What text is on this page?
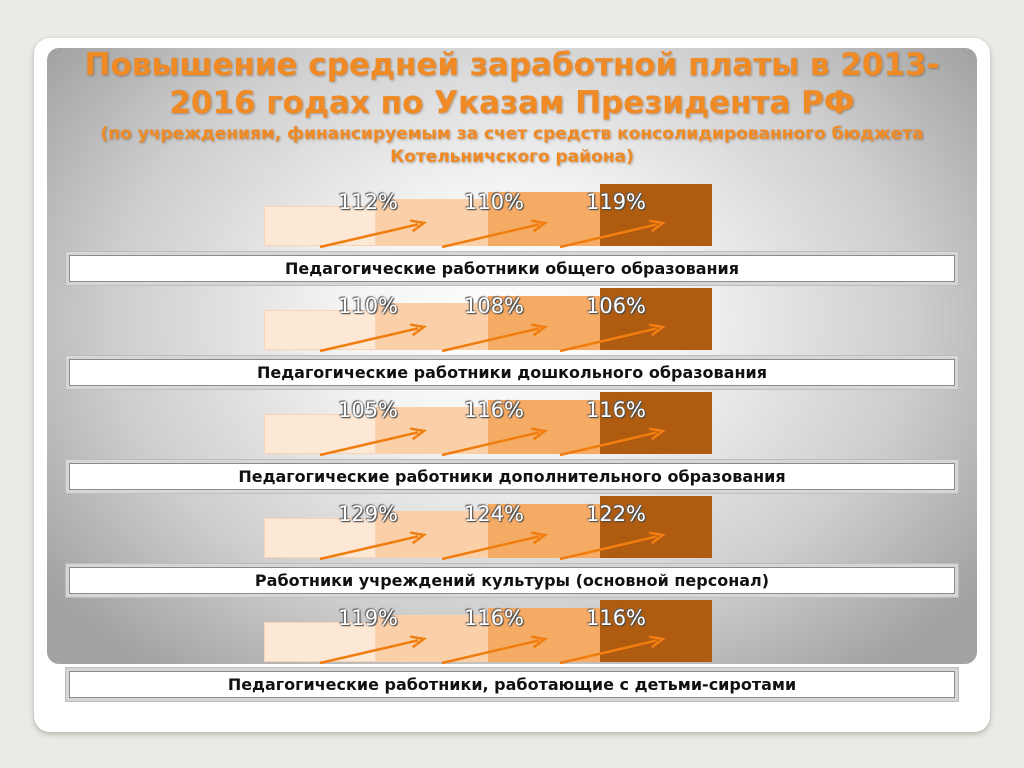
Повышение средней заработной платы в 2013-2016 годах по Указам Президента РФ
(по учреждениям, финансируемым за счет средств консолидированного бюджета Котельничского района)
112%	110%	119%
Педагогические работники общего образования
110%	108%	106%
Педагогические работники дошкольного образования
105%	116%	116%
Педагогические работники дополнительного образования
129%	124%	122%
Работники учреждений культуры (основной персонал)
119%	116%	116%
Педагогические работники, работающие с детьми-сиротами
